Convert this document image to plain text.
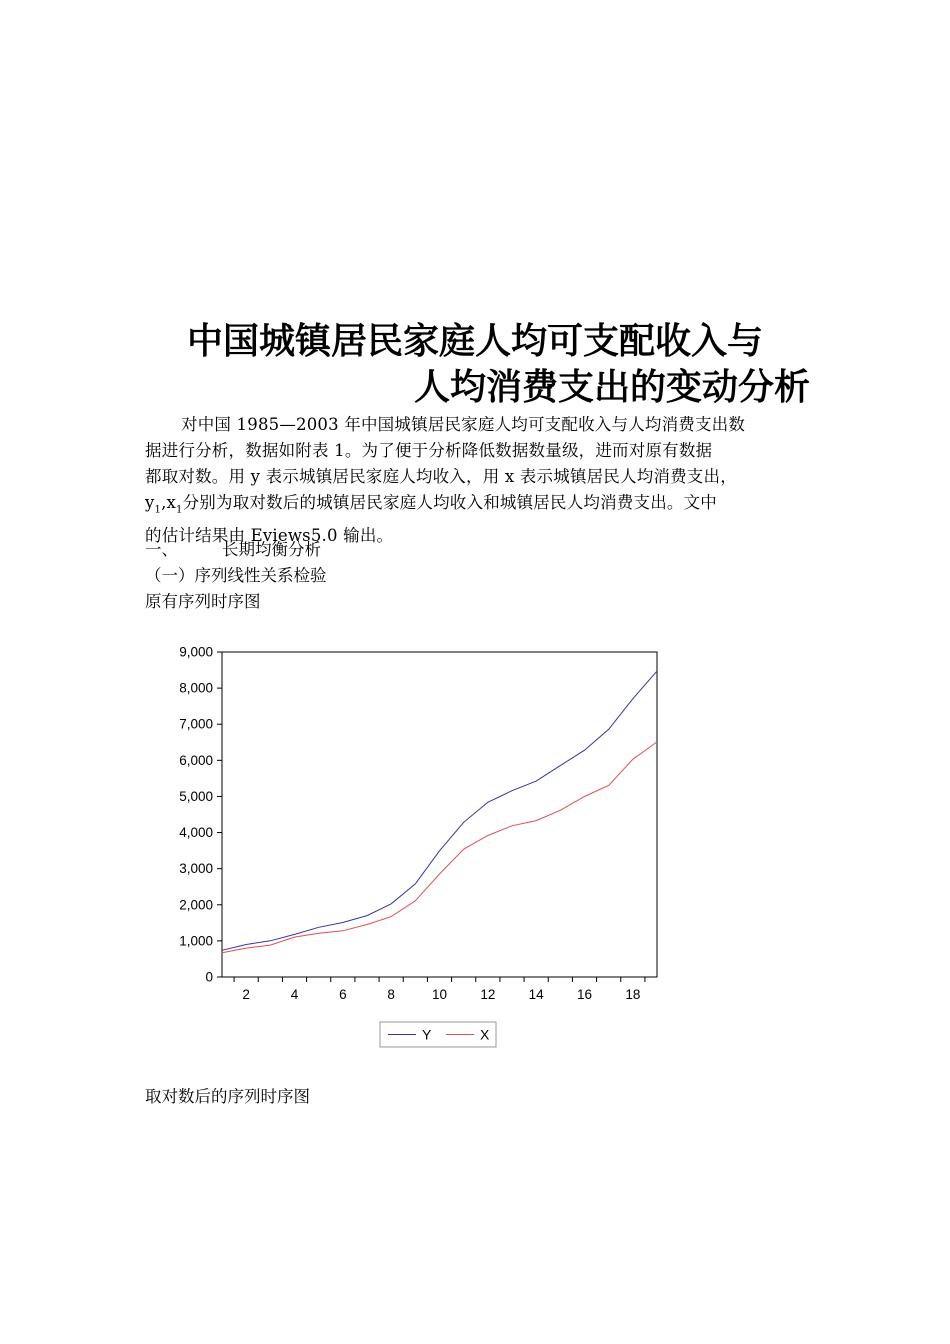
中国城镇居民家庭人均可支配收入与
人均消费支出的变动分析

对中国 1985—2003 年中国城镇居民家庭人均可支配收入与人均消费支出数

据进行分析，数据如附表 1。为了便于分析降低数据数量级，进而对原有数据

都取对数。用 y 表示城镇居民家庭人均收入，用 x 表示城镇居民人均消费支出，

$y_1,x_1$分别为取对数后的城镇居民家庭人均收入和城镇居民人均消费支出。文中

的估计结果由 Eviews5.0 输出。

一、	长期均衡分析
（一）序列线性关系检验
原有序列时序图
0
1,000
2,000
3,000
4,000
5,000
6,000
7,000
8,000
9,000
2	4	6	8	10 12 14 16 18
Y	X
取对数后的序列时序图
